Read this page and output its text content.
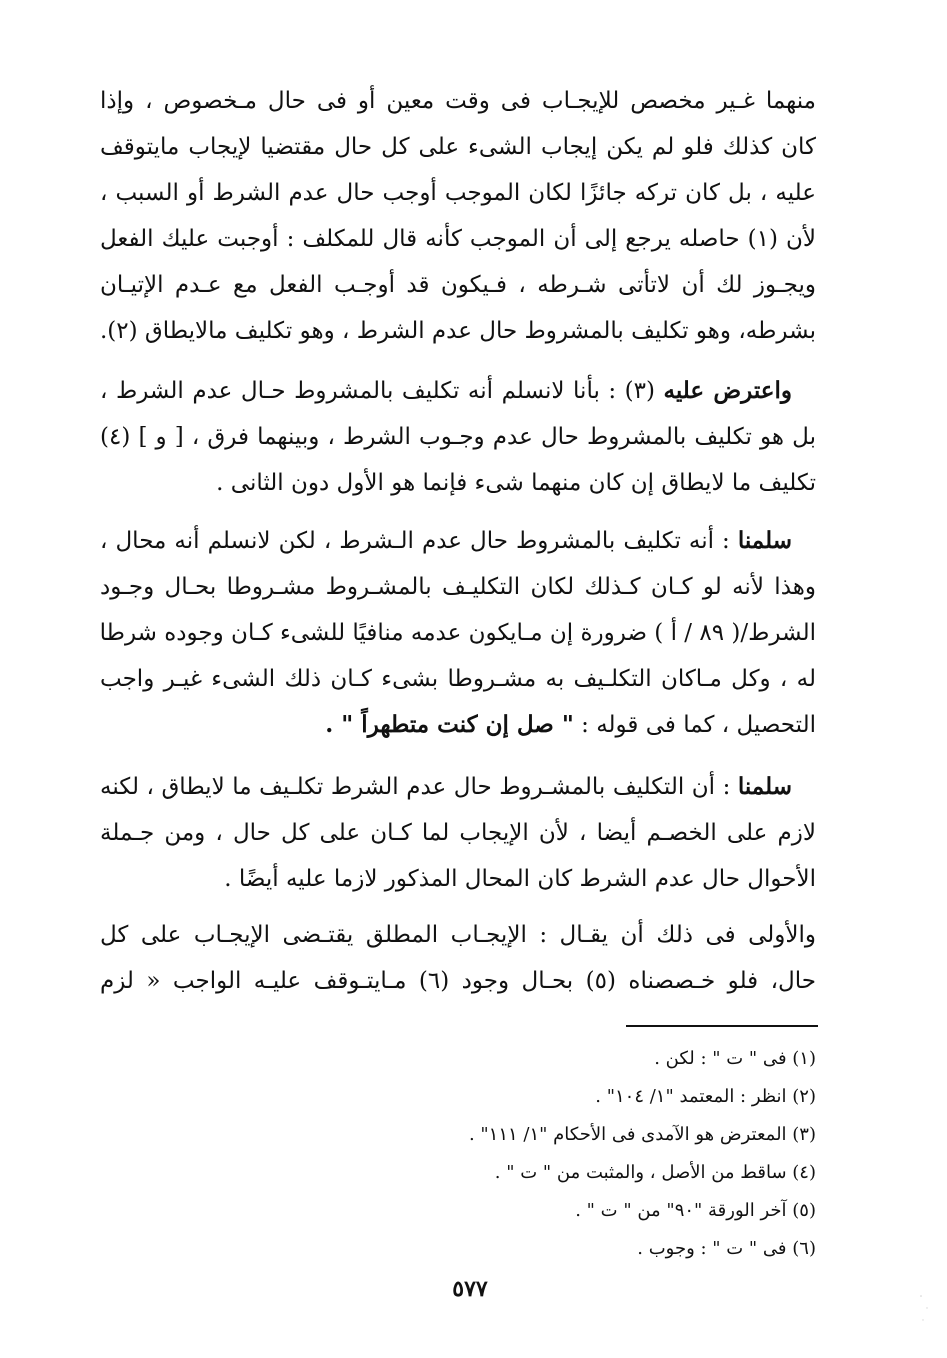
منهما غـير مخصص للإيجـاب فى وقت معين أو فى حال مـخصوص ، وإذا
كان كذلك فلو لم يكن إيجاب الشىء على كل حال مقتضيا لإيجاب مايتوقف
عليه ، بل كان تركه جائزًا لكان الموجب أوجب حال عدم الشرط أو السبب ،
لأن (١) حاصله يرجع إلى أن الموجب كأنه قال للمكلف : أوجبت عليك الفعل
ويجـوز لك أن لاتأتى شـرطه ، فـيكون قد أوجـب الفعل مع عـدم الإتيـان
بشرطه، وهو تكليف بالمشروط حال عدم الشرط ، وهو تكليف مالايطاق (٢).
واعترض عليه (٣) : بأنا لانسلم أنه تكليف بالمشروط حـال عدم الشرط ،
بل هو تكليف بالمشروط حال عدم وجـوب الشرط ، وبينهما فرق ، [ و ] (٤)
تكليف ما لايطاق إن كان منهما شىء فإنما هو الأول دون الثانى .
سلمنا : أنه تكليف بالمشروط حال عدم الـشرط ، لكن لانسلم أنه محال ،
وهذا لأنه لو كـان كـذلك لكان التكليـف بالمشـروط مشـروطا بحـال وجـود
الشرط/( ٨٩ / أ ) ضرورة إن مـايكون عدمه منافيًا للشىء كـان وجوده شرطا
له ، وكل مـاكان التكلـيف به مشـروطا بشىء كـان ذلك الشىء غيـر واجب
التحصيل ، كما فى قوله : " صل إن كنت متطهراً " .
سلمنا : أن التكليف بالمشـروط حال عدم الشرط تكلـيف ما لايطاق ، لكنه
لازم على الخصـم أيضا ، لأن الإيجاب لما كـان على كل حال ، ومن جـملة
الأحوال حال عدم الشرط كان المحال المذكور لازما عليه أيضًا .
والأولى فى ذلك أن يقـال : الإيجـاب المطلق يقتـضى الإيجـاب على كل
حال، فلو خـصصناه (٥) بحـال وجود (٦) مـايتـوقف عليـه الواجب « لزم
(١) فى " ت " : لكن .
(٢) انظر : المعتمد "١/ ١٠٤" .
(٣) المعترض هو الآمدى فى الأحكام "١/ ١١١" .
(٤) ساقط من الأصل ، والمثبت من " ت " .
(٥) آخر الورقة "٩٠" من " ت " .
(٦) فى " ت " : وجوب .
٥٧٧
